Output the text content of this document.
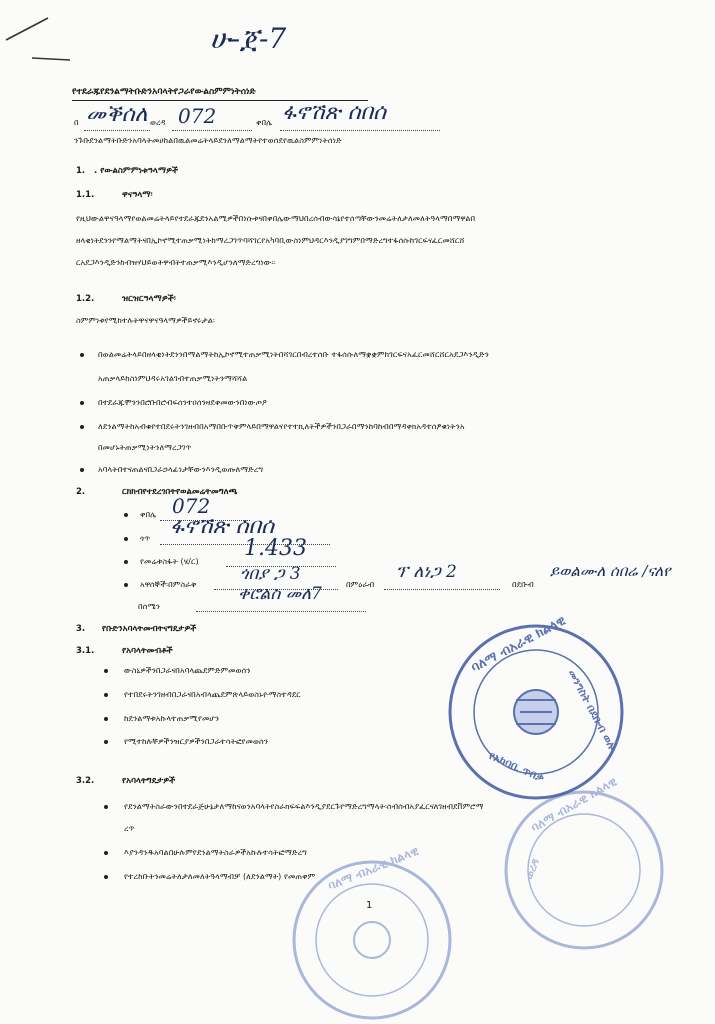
ሁ-ጀ-7
የተደራጁየደንልማትቡድንአባላትየጋራየውልስምምነትሰነድ
በ መቕሰለ ወረዳ 072	ቀበሌ ፋኖሽጽ ሰበሰ
ንጉቡደንልማትቡድንአባላትመሀከልበዉልመሬትላይደንለማልማትየተወሰደየዉልስምምነትሰነድ
1. . የውልስምምነቱዓላማዎች
1.1.	ዋናዓላማ፡
የዚህውልዋናዓላማየወልመሬትላይየተደራጁደንአልሚዎችበነሱቱናበቀበሌውማህበረሰብውሳኔየተሰጣቸውንመሬትለታለመለትዓላማበማዋልበ
ዘላቂነትደንንየማልማትናበኢኮኖሚተጠቃሚነትከማረጋገጥባሻገርየአካባቢውስነምህዳርእንዲያገግምበማድረግተፋሰሱከገርፍናፈርመሸርሸ
ርአደጋእንዲድንከብዝሃህይወትዋብትተጠቃሚእንዲሆንለማድረግነው።
1.2.	ዝርዝርዓላማዎች፡
ስምምነቱየሚከተሉትዋናዋናዓላማዎችይኖሩታል፡
በወልመሬትላይበዘላቂነትደንንበማልማትከኢኮኖሚተጠቃሚነትበሻገርበብረተሰቡ ተፋሰሱለማቋቋምከገርፍናአፈርመሸርሸርአደጋእንዲድን
አጠቃላይከስነምህዳሩአገልገብተጠቃሚነትንማሻሻል
በተደራጁሞንንበሮቡበሮብፍሰንተዐሰንዛደቀመውንበነውጦዖ
ለደንልማትከአብቁየተበደሩትንገዘብበአማበቡጥቅምላይበማዋልናየተተኪለትችዎችንበጋራበማንከባከብበማዳቀክአዳተሰፆቁነትንአ
በመሆኑትጠቃሚነትንለማረጋገጥ
አባላትበተናጠልናበጋራኃላፊነታቸውንእንዲወጡለማድረግ
2.	ርክክብየተደረገበትየወልመሬትመግለጫ
ቀበሌ 072
ጎጥ ፋኖሽጽ ሰበሰ
የመሬቱስፋት (ሄ/ር)
1.433
አዋሰኞች፡በምስራቅ
ጎበያ ጋ 3
በምዕራብ
ፕ ለነጋ 2
በደቡብ
ይወልሙለ ሰበሬ /ናለየ
በሰሜን
ቀሮልስ መለ7
3. የቡድንአባላትመብትናግዴታዎች
3.1.	የአባላትመብቶች
ውስኒዎችንበጋራናበአባላጨደምድምመወሰን
የተበደሩትንገዘብበጋራናበአብላጨደምጽላይወስኑዮማስተዳደር
ከደንልማቱአኩላተጠቃሚየመሆን
የሚተከሉቸዎችንዝርያዎችንበጋራተሳትፎየመወሰን
3.2.	የአባላትግዴታዎች
የደንልማትስራውንበተደራጅሁኔታለማከናወንአባላትየስራክፍፍልእንዲያደርጉየማድረግማላት፡ሰብሰብአያፈርናለገዘብደቨምሮማ
ረጥ
እያንዳንዱአባልበሁሉምየደንልማትስራዎችአኩሉተሳትፎማድረግ
የተረከቡትንመሬትለታለመለትዓላማብቻ (ለደንልማት) የመጠቀም
ባለማ ብአራዊ ክልላዊ
መንግስት በደቡብ ወሎ
የአካባቢ ጥበቃ
ባለማ ብአራዊ ክልላዊ
ባለማ ብአራዊ ክልላዊ
ወረዳ
1
